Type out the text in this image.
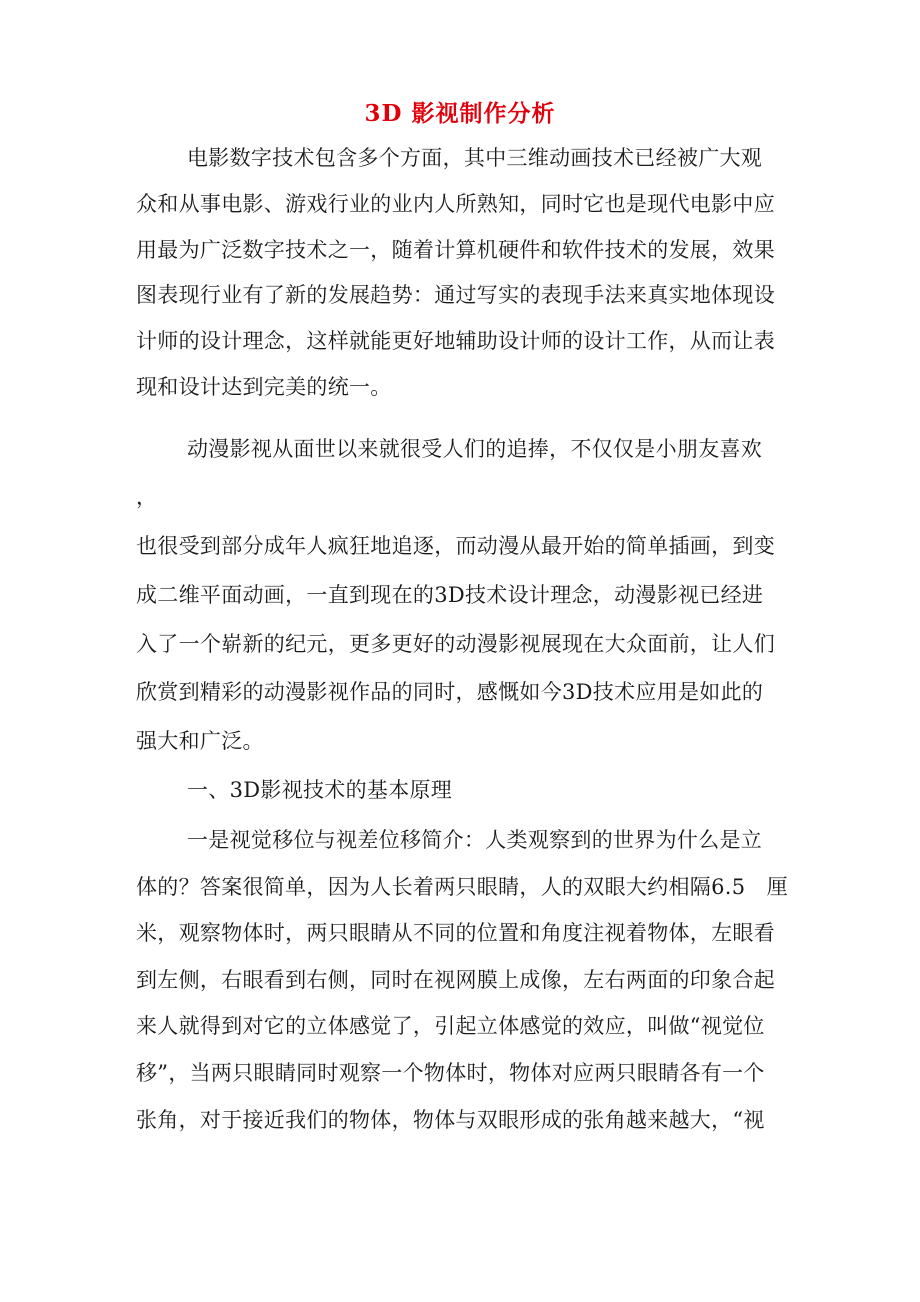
3D 影视制作分析
电影数字技术包含多个方面，其中三维动画技术已经被广大观
众和从事电影、游戏行业的业内人所熟知，同时它也是现代电影中应
用最为广泛数字技术之一，随着计算机硬件和软件技术的发展，效果
图表现行业有了新的发展趋势：通过写实的表现手法来真实地体现设
计师的设计理念，这样就能更好地辅助设计师的设计工作，从而让表
现和设计达到完美的统一。
动漫影视从面世以来就很受人们的追捧，不仅仅是小朋友喜欢
，
也很受到部分成年人疯狂地追逐，而动漫从最开始的简单插画，到变
成二维平面动画，一直到现在的3D技术设计理念，动漫影视已经进
入了一个崭新的纪元，更多更好的动漫影视展现在大众面前，让人们
欣赏到精彩的动漫影视作品的同时，感慨如今3D技术应用是如此的
强大和广泛。
一、3D影视技术的基本原理
一是视觉移位与视差位移简介：人类观察到的世界为什么是立
体的？答案很简单，因为人长着两只眼睛，人的双眼大约相隔6.5　厘
米，观察物体时，两只眼睛从不同的位置和角度注视着物体，左眼看
到左侧，右眼看到右侧，同时在视网膜上成像，左右两面的印象合起
来人就得到对它的立体感觉了，引起立体感觉的效应，叫做“视觉位
移”，当两只眼睛同时观察一个物体时，物体对应两只眼睛各有一个
张角，对于接近我们的物体，物体与双眼形成的张角越来越大，“视
